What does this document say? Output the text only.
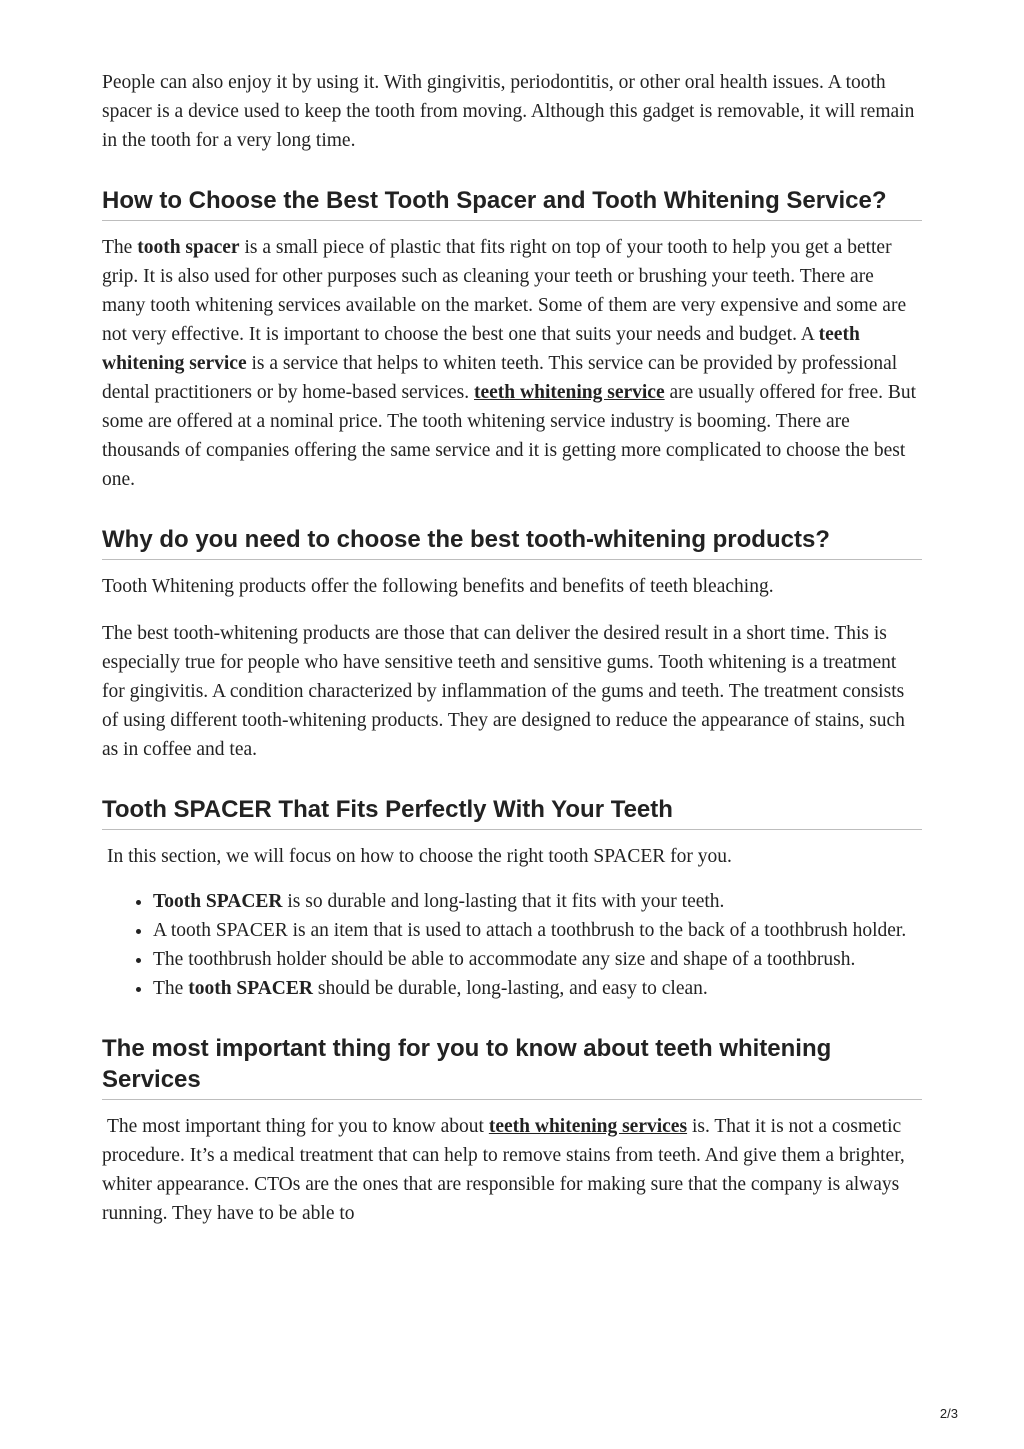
People can also enjoy it by using it. With gingivitis, periodontitis, or other oral health issues. A tooth spacer is a device used to keep the tooth from moving. Although this gadget is removable, it will remain in the tooth for a very long time.

How to Choose the Best Tooth Spacer and Tooth Whitening Service?

The tooth spacer is a small piece of plastic that fits right on top of your tooth to help you get a better grip. It is also used for other purposes such as cleaning your teeth or brushing your teeth. There are many tooth whitening services available on the market. Some of them are very expensive and some are not very effective. It is important to choose the best one that suits your needs and budget. A teeth whitening service is a service that helps to whiten teeth. This service can be provided by professional dental practitioners or by home-based services. teeth whitening service are usually offered for free. But some are offered at a nominal price. The tooth whitening service industry is booming. There are thousands of companies offering the same service and it is getting more complicated to choose the best one.

Why do you need to choose the best tooth-whitening products?

Tooth Whitening products offer the following benefits and benefits of teeth bleaching.

The best tooth-whitening products are those that can deliver the desired result in a short time. This is especially true for people who have sensitive teeth and sensitive gums. Tooth whitening is a treatment for gingivitis. A condition characterized by inflammation of the gums and teeth. The treatment consists of using different tooth-whitening products. They are designed to reduce the appearance of stains, such as in coffee and tea.

Tooth SPACER That Fits Perfectly With Your Teeth

In this section, we will focus on how to choose the right tooth SPACER for you.

• Tooth SPACER is so durable and long-lasting that it fits with your teeth.
• A tooth SPACER is an item that is used to attach a toothbrush to the back of a toothbrush holder.
• The toothbrush holder should be able to accommodate any size and shape of a toothbrush.
• The tooth SPACER should be durable, long-lasting, and easy to clean.
The most important thing for you to know about teeth whitening Services

The most important thing for you to know about teeth whitening services is. That it is not a cosmetic procedure. It’s a medical treatment that can help to remove stains from teeth. And give them a brighter, whiter appearance. CTOs are the ones that are responsible for making sure that the company is always running. They have to be able to

2/3
